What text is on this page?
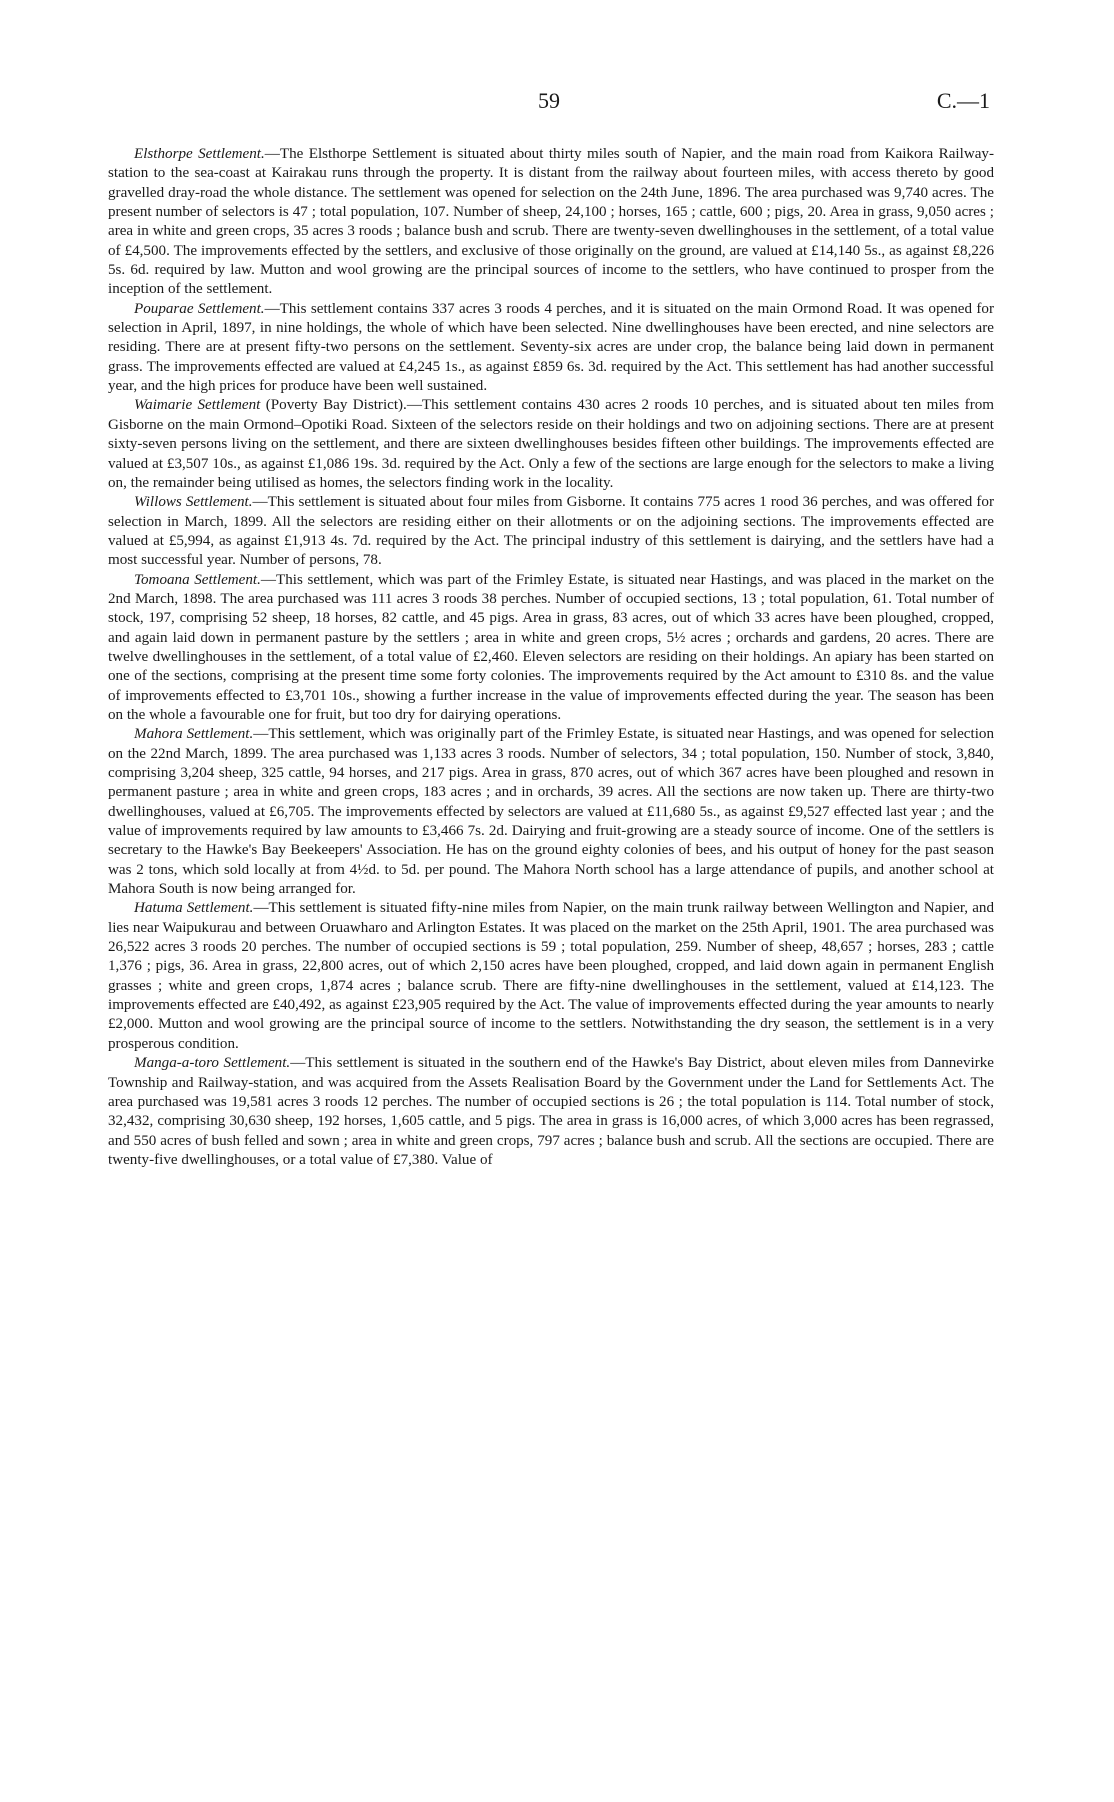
59	C.—1

Elsthorpe Settlement.—The Elsthorpe Settlement is situated about thirty miles south of Napier, and the main road from Kaikora Railway-station to the sea-coast at Kairakau runs through the property. It is distant from the railway about fourteen miles, with access thereto by good gravelled dray-road the whole distance. The settlement was opened for selection on the 24th June, 1896. The area purchased was 9,740 acres. The present number of selectors is 47 ; total population, 107. Number of sheep, 24,100 ; horses, 165 ; cattle, 600 ; pigs, 20. Area in grass, 9,050 acres ; area in white and green crops, 35 acres 3 roods ; balance bush and scrub. There are twenty-seven dwellinghouses in the settlement, of a total value of £4,500. The improvements effected by the settlers, and exclusive of those originally on the ground, are valued at £14,140 5s., as against £8,226 5s. 6d. required by law. Mutton and wool growing are the principal sources of income to the settlers, who have continued to prosper from the inception of the settlement.

Pouparae Settlement.—This settlement contains 337 acres 3 roods 4 perches, and it is situated on the main Ormond Road. It was opened for selection in April, 1897, in nine holdings, the whole of which have been selected. Nine dwellinghouses have been erected, and nine selectors are residing. There are at present fifty-two persons on the settlement. Seventy-six acres are under crop, the balance being laid down in permanent grass. The improvements effected are valued at £4,245 1s., as against £859 6s. 3d. required by the Act. This settlement has had another successful year, and the high prices for produce have been well sustained.

Waimarie Settlement (Poverty Bay District).—This settlement contains 430 acres 2 roods 10 perches, and is situated about ten miles from Gisborne on the main Ormond–Opotiki Road. Sixteen of the selectors reside on their holdings and two on adjoining sections. There are at present sixty-seven persons living on the settlement, and there are sixteen dwellinghouses besides fifteen other buildings. The improvements effected are valued at £3,507 10s., as against £1,086 19s. 3d. required by the Act. Only a few of the sections are large enough for the selectors to make a living on, the remainder being utilised as homes, the selectors finding work in the locality.

Willows Settlement.—This settlement is situated about four miles from Gisborne. It contains 775 acres 1 rood 36 perches, and was offered for selection in March, 1899. All the selectors are residing either on their allotments or on the adjoining sections. The improvements effected are valued at £5,994, as against £1,913 4s. 7d. required by the Act. The principal industry of this settlement is dairying, and the settlers have had a most successful year. Number of persons, 78.

Tomoana Settlement.—This settlement, which was part of the Frimley Estate, is situated near Hastings, and was placed in the market on the 2nd March, 1898. The area purchased was 111 acres 3 roods 38 perches. Number of occupied sections, 13 ; total population, 61. Total number of stock, 197, comprising 52 sheep, 18 horses, 82 cattle, and 45 pigs. Area in grass, 83 acres, out of which 33 acres have been ploughed, cropped, and again laid down in permanent pasture by the settlers ; area in white and green crops, 5½ acres ; orchards and gardens, 20 acres. There are twelve dwellinghouses in the settlement, of a total value of £2,460. Eleven selectors are residing on their holdings. An apiary has been started on one of the sections, comprising at the present time some forty colonies. The improvements required by the Act amount to £310 8s. and the value of improvements effected to £3,701 10s., showing a further increase in the value of improvements effected during the year. The season has been on the whole a favourable one for fruit, but too dry for dairying operations.

Mahora Settlement.—This settlement, which was originally part of the Frimley Estate, is situated near Hastings, and was opened for selection on the 22nd March, 1899. The area purchased was 1,133 acres 3 roods. Number of selectors, 34 ; total population, 150. Number of stock, 3,840, comprising 3,204 sheep, 325 cattle, 94 horses, and 217 pigs. Area in grass, 870 acres, out of which 367 acres have been ploughed and resown in permanent pasture ; area in white and green crops, 183 acres ; and in orchards, 39 acres. All the sections are now taken up. There are thirty-two dwellinghouses, valued at £6,705. The improvements effected by selectors are valued at £11,680 5s., as against £9,527 effected last year ; and the value of improvements required by law amounts to £3,466 7s. 2d. Dairying and fruit-growing are a steady source of income. One of the settlers is secretary to the Hawke's Bay Beekeepers' Association. He has on the ground eighty colonies of bees, and his output of honey for the past season was 2 tons, which sold locally at from 4½d. to 5d. per pound. The Mahora North school has a large attendance of pupils, and another school at Mahora South is now being arranged for.

Hatuma Settlement.—This settlement is situated fifty-nine miles from Napier, on the main trunk railway between Wellington and Napier, and lies near Waipukurau and between Oruawharo and Arlington Estates. It was placed on the market on the 25th April, 1901. The area purchased was 26,522 acres 3 roods 20 perches. The number of occupied sections is 59 ; total population, 259. Number of sheep, 48,657 ; horses, 283 ; cattle 1,376 ; pigs, 36. Area in grass, 22,800 acres, out of which 2,150 acres have been ploughed, cropped, and laid down again in permanent English grasses ; white and green crops, 1,874 acres ; balance scrub. There are fifty-nine dwellinghouses in the settlement, valued at £14,123. The improvements effected are £40,492, as against £23,905 required by the Act. The value of improvements effected during the year amounts to nearly £2,000. Mutton and wool growing are the principal source of income to the settlers. Notwithstanding the dry season, the settlement is in a very prosperous condition.

Manga-a-toro Settlement.—This settlement is situated in the southern end of the Hawke's Bay District, about eleven miles from Dannevirke Township and Railway-station, and was acquired from the Assets Realisation Board by the Government under the Land for Settlements Act. The area purchased was 19,581 acres 3 roods 12 perches. The number of occupied sections is 26 ; the total population is 114. Total number of stock, 32,432, comprising 30,630 sheep, 192 horses, 1,605 cattle, and 5 pigs. The area in grass is 16,000 acres, of which 3,000 acres has been regrassed, and 550 acres of bush felled and sown ; area in white and green crops, 797 acres ; balance bush and scrub. All the sections are occupied. There are twenty-five dwellinghouses, or a total value of £7,380. Value of
